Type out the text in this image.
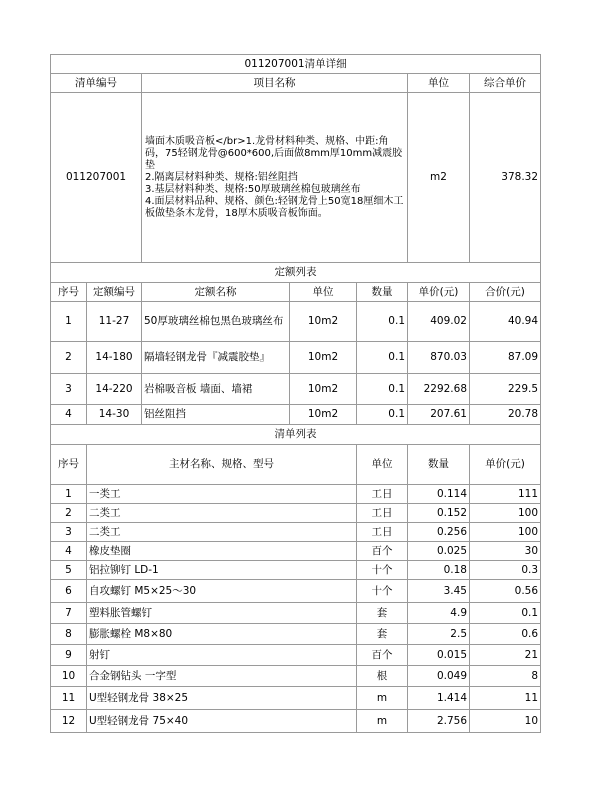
011207001清单详细							
清单编号		项目名称			单位	综合单价	
011207001		墙面木质吸音板</br>1.龙骨材料种类、规格、中距:角码，75轻钢龙骨@600*600,后面做8mm厚10mm减震胶垫
2.隔离层材料种类、规格:铝丝阻挡
3.基层材料种类、规格:50厚玻璃丝棉包玻璃丝布
4.面层材料品种、规格、颜色:轻钢龙骨上50宽18厘细木工板做垫条木龙骨，18厚木质吸音板饰面。			m2	378.32	
定额列表							
序号	定额编号	定额名称	单位	数量	单价(元)	合价(元)	
1	11-27	50厚玻璃丝棉包黑色玻璃丝布	10m2	0.1	409.02	40.94	
2	14-180	隔墙轻钢龙骨『减震胶垫』	10m2	0.1	870.03	87.09	
3	14-220	岩棉吸音板 墙面、墙裙	10m2	0.1	2292.68	229.5	
4	14-30	铝丝阻挡	10m2	0.1	207.61	20.78	
清单列表							
序号	主材名称、规格、型号			单位	数量	单价(元)	
1	一类工			工日	0.114	111	
2	二类工			工日	0.152	100	
3	二类工			工日	0.256	100	
4	橡皮垫圈			百个	0.025	30	
5	铝拉铆钉 LD-1			十个	0.18	0.3	
6	自攻螺钉 M5×25～30			十个	3.45	0.56	
7	塑料胀管螺钉			套	4.9	0.1	
8	膨胀螺栓 M8×80			套	2.5	0.6	
9	射钉			百个	0.015	21	
10	合金钢钻头 一字型			根	0.049	8	
11	U型轻钢龙骨 38×25			m	1.414	11	
12	U型轻钢龙骨 75×40			m	2.756	10	
